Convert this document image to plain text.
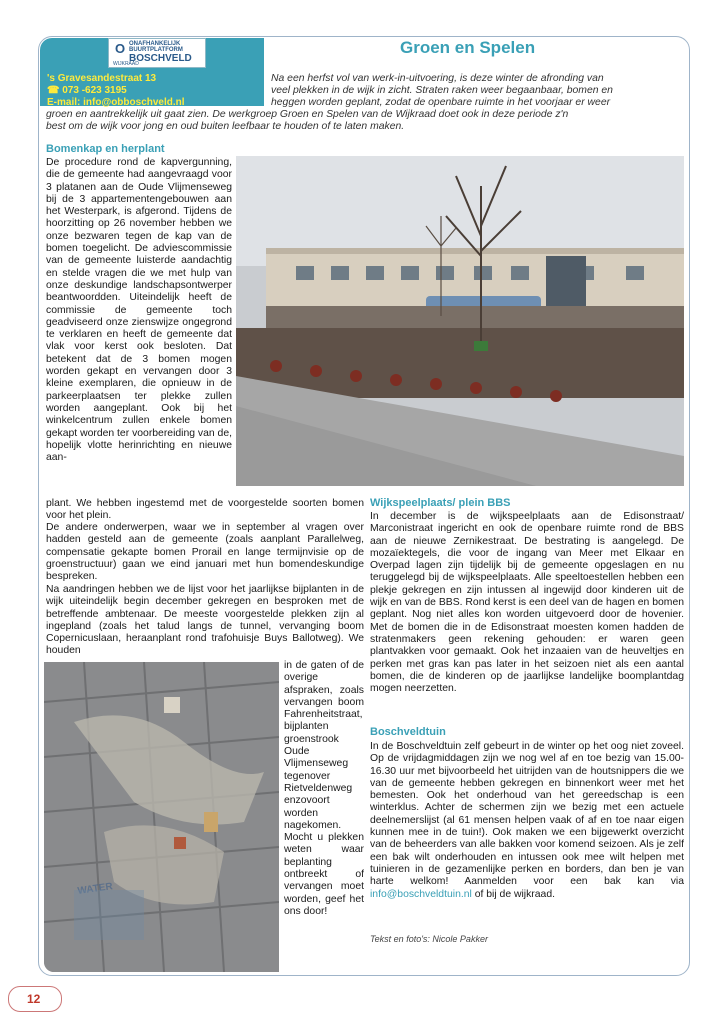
O ONAFHANKELIJK BUURTPLATFORM
BOSCHVELD
WIJKRAAD
's Gravesandestraat 13
☎ 073 -623 3195
E-mail: info@obboschveld.nl
Groen en Spelen
Na een herfst vol van werk-in-uitvoering, is deze winter de afronding van
veel plekken in de wijk in zicht. Straten raken weer begaanbaar, bomen en
heggen worden geplant, zodat de openbare ruimte in het voorjaar er weer
groen en aantrekkelijk uit gaat zien. De werkgroep Groen en Spelen van de Wijkraad doet ook in deze periode z'n
best om de wijk voor jong en oud buiten leefbaar te houden of te laten maken.
Bomenkap en herplant
De procedure rond de kapvergunning, die de gemeente had aangevraagd voor 3 platanen aan de Oude Vlijmenseweg bij de 3 appartementengebouwen aan het Westerpark, is afgerond. Tijdens de hoorzitting op 26 november hebben we onze bezwaren tegen de kap van de bomen toegelicht. De adviescommissie van de gemeente luisterde aandachtig en stelde vragen die we met hulp van onze deskundige landschapsontwerper beantwoordden. Uiteindelijk heeft de commissie de gemeente toch geadviseerd onze zienswijze ongegrond te verklaren en heeft de gemeente dat vlak voor kerst ook besloten. Dat betekent dat de 3 bomen mogen worden gekapt en vervangen door 3 kleine exemplaren, die opnieuw in de parkeerplaatsen ter plekke zullen worden aangeplant. Ook bij het winkelcentrum zullen enkele bomen gekapt worden ter voorbereiding van de, hopelijk vlotte herinrichting en nieuwe aan-
plant. We hebben ingestemd met de voorgestelde soorten bomen voor het plein.
De andere onderwerpen, waar we in september al vragen over hadden gesteld aan de gemeente (zoals aanplant Parallelweg, compensatie gekapte bomen Prorail en lange termijnvisie op de groenstructuur) gaan we eind januari met hun bomendeskundige bespreken.
Na aandringen hebben we de lijst voor het jaarlijkse bijplanten in de wijk uiteindelijk begin december gekregen en besproken met de betreffende ambtenaar. De meeste voorgestelde plekken zijn al ingepland (zoals het talud langs de tunnel, vervanging boom Copernicuslaan, heraanplant rond trafohuisje Buys Ballotweg). We houden
in de gaten of de overige afspraken, zoals vervangen boom Fahrenheitstraat, bijplanten groenstrook Oude Vlijmenseweg tegenover Rietveldenweg enzovoort worden nagekomen. Mocht u plekken weten waar beplanting ontbreekt of vervangen moet worden, geef het ons door!
WATER
Wijkspeelplaats/ plein BBS
In december is de wijkspeelplaats aan de Edisonstraat/ Marconistraat ingericht en ook de openbare ruimte rond de BBS aan de nieuwe Zernikestraat. De bestrating is aangelegd. De mozaïektegels, die voor de ingang van Meer met Elkaar en Overpad lagen zijn tijdelijk bij de gemeente opgeslagen en nu teruggelegd bij de wijkspeelplaats. Alle speeltoestellen hebben een plekje gekregen en zijn intussen al ingewijd door kinderen uit de wijk en van de BBS. Rond kerst is een deel van de hagen en bomen geplant. Nog niet alles kon worden uitgevoerd door de hovenier. Met de bomen die in de Edisonstraat moesten komen hadden de stratenmakers geen rekening gehouden: er waren geen plantvakken voor gemaakt. Ook het inzaaien van de heuveltjes en perken met gras kan pas later in het seizoen niet als een aantal bomen, die de kinderen op de jaarlijkse landelijke boomplantdag mogen neerzetten.
Boschveldtuin
In de Boschveldtuin zelf gebeurt in de winter op het oog niet zoveel. Op de vrijdagmiddagen zijn we nog wel af en toe bezig van 15.00-16.30 uur met bijvoorbeeld het uitrijden van de houtsnippers die we van de gemeente hebben gekregen en binnenkort weer met het bemesten. Ook het onderhoud van het gereedschap is een winterklus. Achter de schermen zijn we bezig met een actuele deelnemerslijst (al 61 mensen helpen vaak of af en toe naar eigen kunnen mee in de tuin!). Ook maken we een bijgewerkt overzicht van de beheerders van alle bakken voor komend seizoen. Als je zelf een bak wilt onderhouden en intussen ook mee wilt helpen met tuinieren in de gezamenlijke perken en borders, dan ben je van harte welkom! Aanmelden voor een bak kan via info@boschveldtuin.nl of bij de wijkraad.
Tekst en foto's: Nicole Pakker
12
